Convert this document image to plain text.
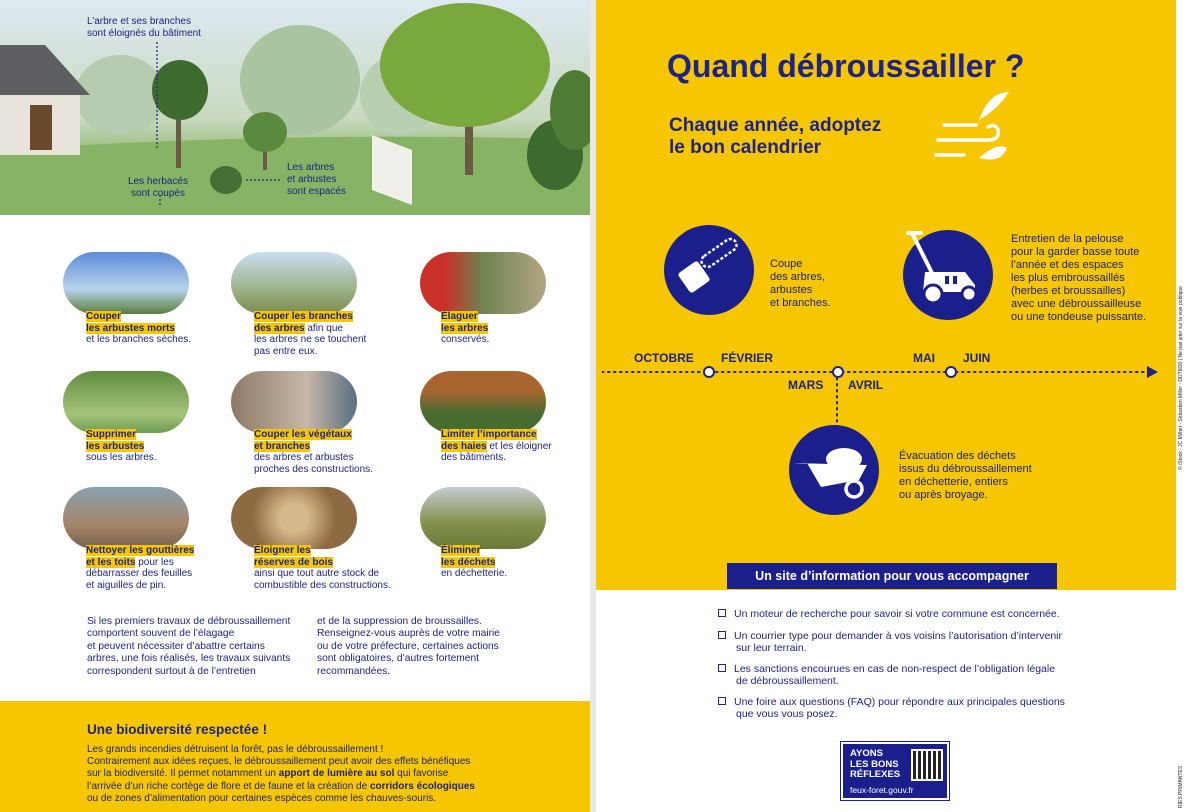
L’arbre et ses branches
sont éloignés du bâtiment
Les herbacés
sont coupés
Les arbres
et arbustes
sont espacés
Couper
les arbustes morts
et les branches sèches.
Couper les branches
des arbres afin que
les arbres ne se touchent
pas entre eux.
Élaguer
les arbres
conservés.
Supprimer
les arbustes
sous les arbres.
Couper les végétaux
et branches
des arbres et arbustes
proches des constructions.
Limiter l’importance
des haies et les éloigner
des bâtiments.
Nettoyer les gouttières
et les toits pour les
débarrasser des feuilles
et aiguilles de pin.
Éloigner les
réserves de bois
ainsi que tout autre stock de
combustible des constructions.
Éliminer
les déchets
en déchetterie.
Si les premiers travaux de débroussaillement
comportent souvent de l’élagage
et peuvent nécessiter d’abattre certains
arbres, une fois réalisés, les travaux suivants
correspondent surtout à de l’entretien
et de la suppression de broussailles.
Renseignez-vous auprès de votre mairie
ou de votre préfecture, certaines actions
sont obligatoires, d’autres fortement
recommandées.
Une biodiversité respectée !
Les grands incendies détruisent la forêt, pas le débroussaillement !
Contrairement aux idées reçues, le débroussaillement peut avoir des effets bénéfiques
sur la biodiversité. Il permet notamment un apport de lumière au sol qui favorise
l’arrivée d’un riche cortège de flore et de faune et la création de corridors écologiques
ou de zones d’alimentation pour certaines espèces comme les chauves-souris.
Quand débroussailler ?
Chaque année, adoptez
le bon calendrier
Coupe
des arbres,
arbustes
et branches.
Entretien de la pelouse
pour la garder basse toute
l’année et des espaces
les plus embroussaillés
(herbes et broussailles)
avec une débroussailleuse
ou une tondeuse puissante.
OCTOBRE FÉVRIER
MARS AVRIL
MAI JUIN
Évacuation des déchets
issus du débroussaillement
en déchetterie, entiers
ou après broyage.
Un site d’information pour vous accompagner
Un moteur de recherche pour savoir si votre commune est concernée.
Un courrier type pour demander à vos voisins l’autorisation d’intervenir
sur leur terrain.
Les sanctions encourues en cas de non-respect de l’obligation légale
de débroussaillement.
Une foire aux questions (FAQ) pour répondre aux principales questions
que vous vous posez.
AYONS
LES BONS
RÉFLEXES
feux-foret.gouv.fr
© iStock - JC Milhet - Sébastien Miller - DDTM30 | Ne pas jeter sur la voie publique
RIES PRIMANTES
